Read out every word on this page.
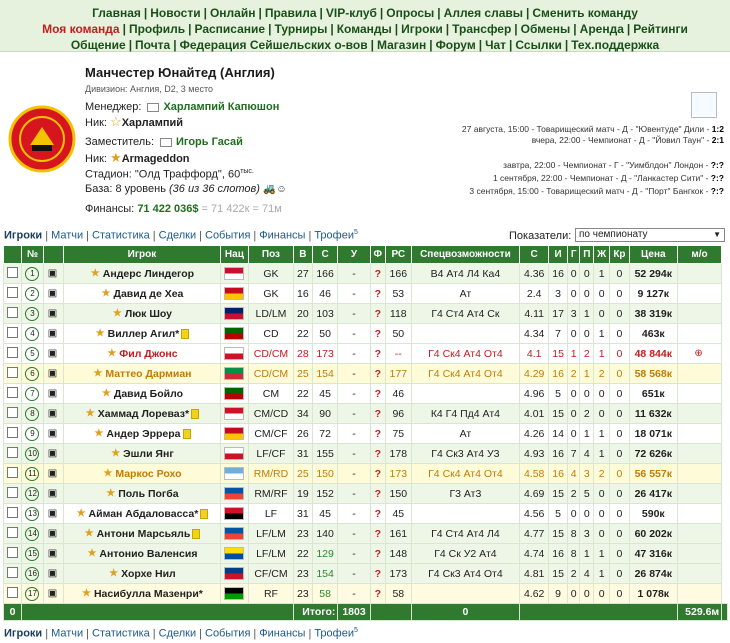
Главная | Новости | Онлайн | Правила | VIP-клуб | Опросы | Аллея славы | Сменить команду
Моя команда | Профиль | Расписание | Турниры | Команды | Игроки | Трансфер | Обмены | Аренда | Рейтинги
Общение | Почта | Федерация Сейшельских о-вов | Магазин | Форум | Чат | Ссылки | Тех.поддержка
Манчестер Юнайтед (Англия)
Дивизион: Англия, D2, 3 место
Менеджер: Харлампий Капюшон
Ник: ☆Харлампий
Заместитель: Игорь Гасай
Ник: ★Armageddon
Стадион: "Олд Траффорд", $60^{тыс.}$
База: 8 уровень (36 из 36 слотов) 🚜☺
Финансы: 71 422 036$ = 71 422к = 71м
27 августа, 15:00 - Товарищеский матч - Д - "Ювентуде" Дили - 1:2
вчера, 22:00 - Чемпионат - Д - "Йовил Таун" - 2:1
завтра, 22:00 - Чемпионат - Г - "Уимблдон" Лондон - ?:?
1 сентября, 22:00 - Чемпионат - Д - "Ланкастер Сити" - ?:?
3 сентября, 15:00 - Товарищеский матч - Д - "Порт" Бангкок - ?:?
Игроки | Матчи | Статистика | Сделки | События | Финансы | Трофеи$^5$	Показатели: по чемпионату	▼
	№		Игрок	Нац	Поз	В	С	У	Ф	РС	Спецвозможности	С	И	Г	П	Ж	Кр	Цена	м/о	
	1	▣	★ Андерс Линдегор		GK	27	166	-	?	166	В4 Ат4 Л4 Ка4	4.36	16	0	0	1	0	52 294к		
	2	▣	★ Давид де Хеа		GK	16	46	-	?	53	Ат	2.4	3	0	0	0	0	9 127к		
	3	▣	★ Люк Шоу		LD/LM	20	103	-	?	118	Г4 Ст4 Ат4 Ск	4.11	17	3	1	0	0	38 319к		
	4	▣	★ Виллер Агил*		CD	22	50	-	?	50		4.34	7	0	0	1	0	463к		
	5	▣	★ Фил Джонс		CD/CM	28	173	-	?	--	Г4 Ск4 Ат4 От4	4.1	15	1	2	1	0	48 844к	⊕	
	6	▣	★ Маттео Дармиан		CD/CM	25	154	-	?	177	Г4 Ск4 Ат4 От4	4.29	16	2	1	2	0	58 568к		
	7	▣	★ Давид Бойло		CM	22	45	-	?	46		4.96	5	0	0	0	0	651к		
	8	▣	★ Хаммад Лореваз*		CM/CD	34	90	-	?	96	К4 Г4 Пд4 Ат4	4.01	15	0	2	0	0	11 632к		
	9	▣	★ Андер Эррера		CM/CF	26	72	-	?	75	Ат	4.26	14	0	1	1	0	18 071к		
	10	▣	★ Эшли Янг		LF/CF	31	155	-	?	178	Г4 Ск3 Ат4 У3	4.93	16	7	4	1	0	72 626к		
	11	▣	★ Маркос Рохо		RM/RD	25	150	-	?	173	Г4 Ск4 Ат4 От4	4.58	16	4	3	2	0	56 557к		
	12	▣	★ Поль Погба		RM/RF	19	152	-	?	150	Г3 Ат3	4.69	15	2	5	0	0	26 417к		
	13	▣	★ Айман Абдаловасса*		LF	31	45	-	?	45		4.56	5	0	0	0	0	590к		
	14	▣	★ Антони Марсьяль		LF/LM	23	140	-	?	161	Г4 Ст4 Ат4 Л4	4.77	15	8	3	0	0	60 202к		
	15	▣	★ Антонио Валенсия		LF/LM	22	129	-	?	148	Г4 Ск У2 Ат4	4.74	16	8	1	1	0	47 316к		
	16	▣	★ Хорхе Нил		CF/CM	23	154	-	?	173	Г4 Ск3 Ат4 От4	4.81	15	2	4	1	0	26 874к		
	17	▣	★ Насибулла Мазенри*		RF	23	58	-	?	58		4.62	9	0	0	0	0	1 078к		
0						Итого:		1803			0								529.6м	
Игроки | Матчи | Статистика | Сделки | События | Финансы | Трофеи$^5$
